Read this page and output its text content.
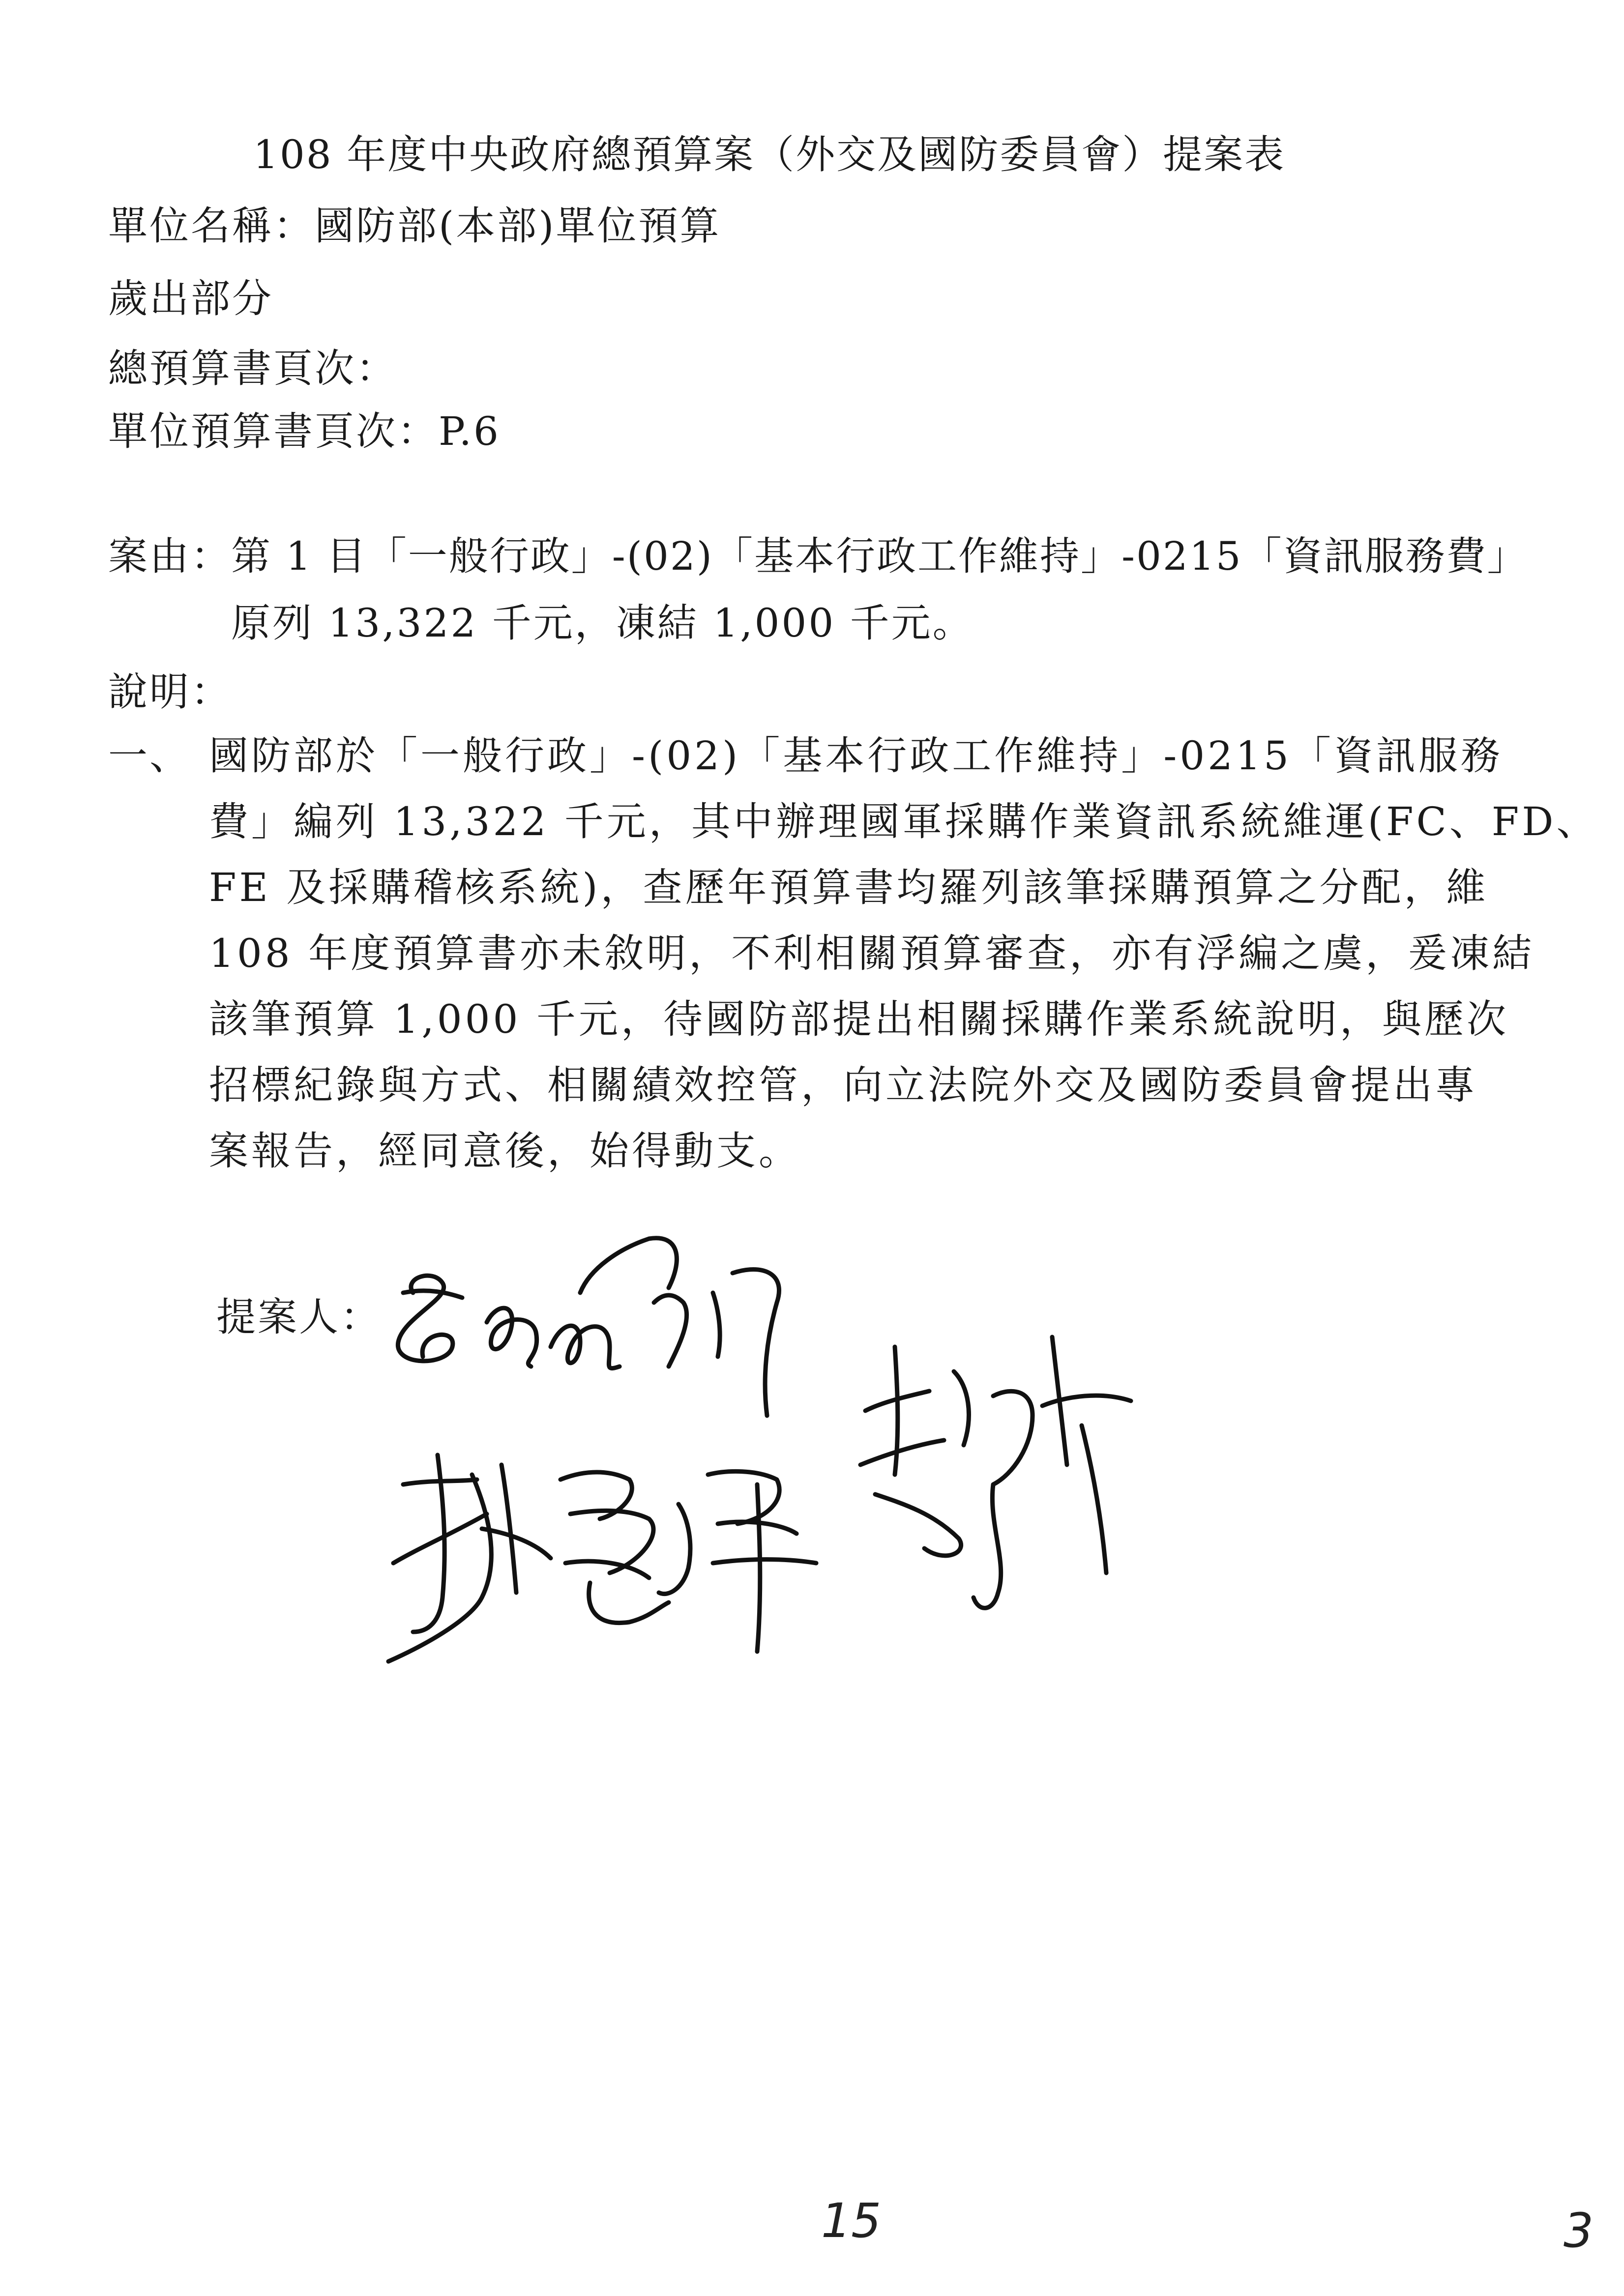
108 年度中央政府總預算案（外交及國防委員會）提案表
單位名稱：國防部(本部)單位預算
歲出部分
總預算書頁次：
單位預算書頁次：P.6
案由：
第 1 目「一般行政」-(02)「基本行政工作維持」-0215「資訊服務費」
原列 13,322 千元，凍結 1,000 千元。
說明：
一、 國防部於「一般行政」-(02)「基本行政工作維持」-0215「資訊服務
費」編列 13,322 千元，其中辦理國軍採購作業資訊系統維運(FC、FD、
FE 及採購稽核系統)，查歷年預算書均羅列該筆採購預算之分配，維
108 年度預算書亦未敘明，不利相關預算審查，亦有浮編之虞，爰凍結
該筆預算 1,000 千元，待國防部提出相關採購作業系統說明，與歷次
招標紀錄與方式、相關績效控管，向立法院外交及國防委員會提出專
案報告，經同意後，始得動支。
提案人：
15	3
